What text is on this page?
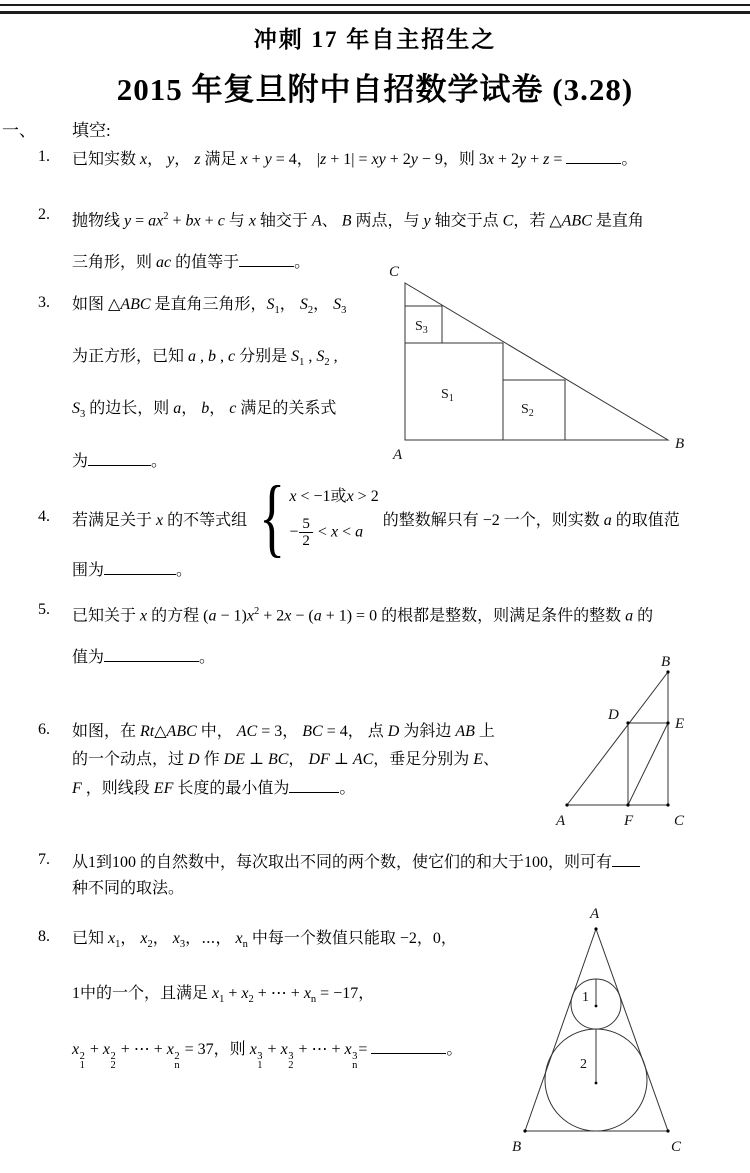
冲刺 17 年自主招生之
2015 年复旦附中自招数学试卷 (3.28)
一、 填空:
1. 已知实数 x， y， z 满足 x + y = 4， |z + 1| = xy + 2y − 9，则 3x + 2y + z =	。
2. 抛物线 $y = ax^2$ + bx + c 与 x 轴交于 A、 B 两点，与 y 轴交于点 C，若 △ABC 是直角
三角形，则 ac 的值等于	。
3. 如图 △ABC 是直角三角形，$S_1$， $S_2$， $S_3$
为正方形，已知 a , b , c 分别是 $S_1$ , $S_2$ ,
$S_3$ 的边长，则 a， b， c 满足的关系式
为	。
C
A
B
$S_3$
$S_1$
$S_2$
4. 若满足关于 x 的不等式组 { x < −1或x > 2
− $\frac{5}{2} < x < a$
的整数解只有 −2 一个，则实数 a 的取值范
围为	。
5. 已知关于 x 的方程 $(a - 1)x^2 + 2x - (a + 1) = 0$ 的根都是整数，则满足条件的整数 a 的
值为	。	B
D
E
A	F	C
6. 如图，在 Rt△ABC 中， AC = 3， BC = 4， 点 D 为斜边 AB 上
的一个动点，过 D 作 DE ⊥ BC， DF ⊥ AC，垂足分别为 E、
F ，则线段 EF 长度的最小值为	。
7. 从1到100 的自然数中，每次取出不同的两个数，使它们的和大于100，则可有
种不同的取法。
A
B	C
1
2
8. 已知 $x_1$， $x_2$， $x_3$，⋯， $x_n$ 中每一个数值只能取 −2，0，
1中的一个，且满足 $x_1 + x_2$ + ⋯ + $x_n = -17$，
x 2
1
+ x 2
2
+ ⋯ + x 2
n
= 37，则 x 3
1
+ x 3
2
+ ⋯ + x 3
n
=	。
